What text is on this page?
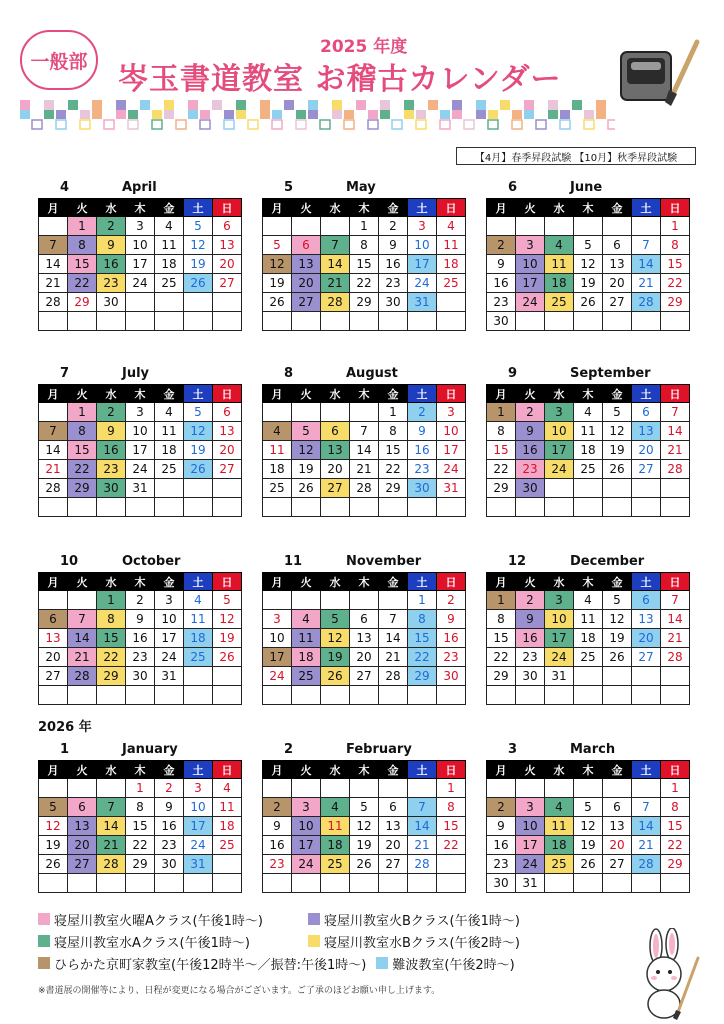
一般部
2025 年度
岑玉書道教室 お稽古カレンダー
【4月】春季昇段試験 【10月】秋季昇段試験
2026 年
4	April
月	火	水	木	金	土	日
	1	2	3	4	5	6
7	8	9	10	11	12	13
14	15	16	17	18	19	20
21	22	23	24	25	26	27
28	29	30				

5	May
月	火	水	木	金	土	日
			1	2	3	4
5	6	7	8	9	10	11
12	13	14	15	16	17	18
19	20	21	22	23	24	25
26	27	28	29	30	31	

6	June
月	火	水	木	金	土	日
						1
2	3	4	5	6	7	8
9	10	11	12	13	14	15
16	17	18	19	20	21	22
23	24	25	26	27	28	29
30						
7	July
月	火	水	木	金	土	日
	1	2	3	4	5	6
7	8	9	10	11	12	13
14	15	16	17	18	19	20
21	22	23	24	25	26	27
28	29	30	31			

8	August
月	火	水	木	金	土	日
				1	2	3
4	5	6	7	8	9	10
11	12	13	14	15	16	17
18	19	20	21	22	23	24
25	26	27	28	29	30	31

9	September
月	火	水	木	金	土	日
1	2	3	4	5	6	7
8	9	10	11	12	13	14
15	16	17	18	19	20	21
22	23	24	25	26	27	28
29	30					

10	October
月	火	水	木	金	土	日
		1	2	3	4	5
6	7	8	9	10	11	12
13	14	15	16	17	18	19
20	21	22	23	24	25	26
27	28	29	30	31		

11	November
月	火	水	木	金	土	日
					1	2
3	4	5	6	7	8	9
10	11	12	13	14	15	16
17	18	19	20	21	22	23
24	25	26	27	28	29	30

12	December
月	火	水	木	金	土	日
1	2	3	4	5	6	7
8	9	10	11	12	13	14
15	16	17	18	19	20	21
22	23	24	25	26	27	28
29	30	31				

1	January
月	火	水	木	金	土	日
			1	2	3	4
5	6	7	8	9	10	11
12	13	14	15	16	17	18
19	20	21	22	23	24	25
26	27	28	29	30	31	

2	February
月	火	水	木	金	土	日
						1
2	3	4	5	6	7	8
9	10	11	12	13	14	15
16	17	18	19	20	21	22
23	24	25	26	27	28	

3	March
月	火	水	木	金	土	日
						1
2	3	4	5	6	7	8
9	10	11	12	13	14	15
16	17	18	19	20	21	22
23	24	25	26	27	28	29
30	31					
寝屋川教室火曜Aクラス(午後1時～)	寝屋川教室火Bクラス(午後1時～)
寝屋川教室水Aクラス(午後1時～)	寝屋川教室水Bクラス(午後2時～)
ひらかた京町家教室(午後12時半～／振替:午後1時～) 難波教室(午後2時～)
※書道展の開催等により、日程が変更になる場合がございます。ご了承のほどお願い申し上げます。
